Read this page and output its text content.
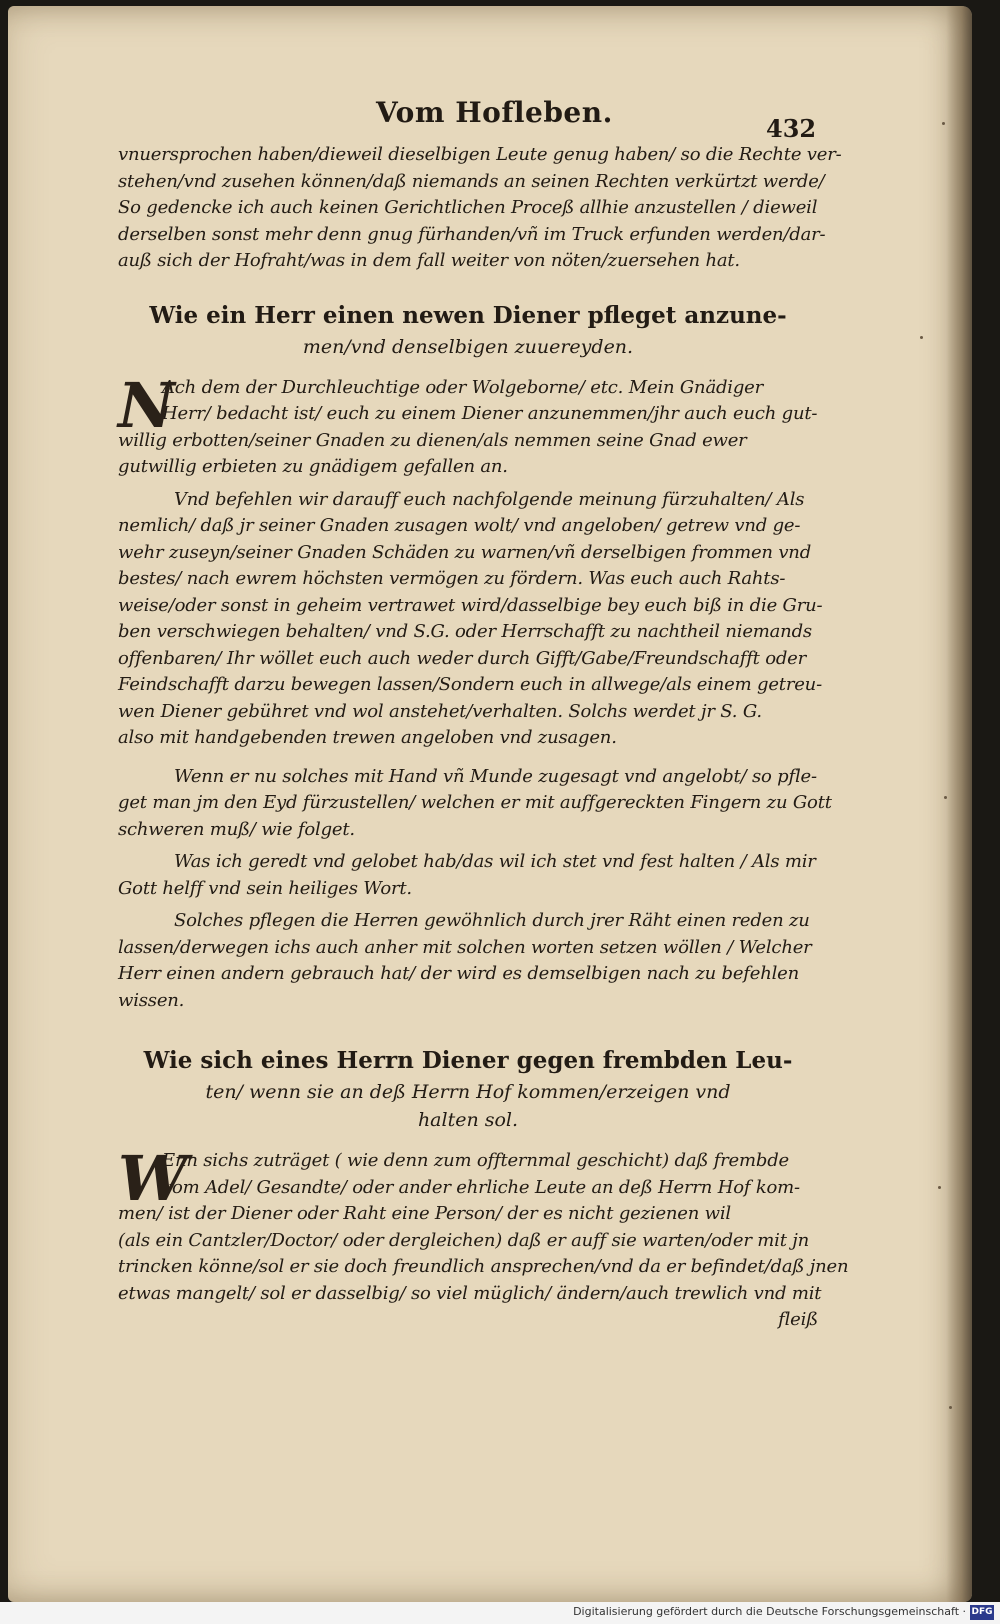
Vom Hofleben.	432
vnuersprochen haben/dieweil dieselbigen Leute genug haben/ so die Rechte ver-
stehen/vnd zusehen können/daß niemands an seinen Rechten verkürtzt werde/
So gedencke ich auch keinen Gerichtlichen Proceß allhie anzustellen / dieweil
derselben sonst mehr denn gnug fürhanden/vñ im Truck erfunden werden/dar-
auß sich der Hofraht/was in dem fall weiter von nöten/zuersehen hat.
Wie ein Herr einen newen Diener pfleget anzune-
men/vnd denselbigen zuuereyden.
N
Ach dem der Durchleuchtige oder Wolgeborne/ etc. Mein Gnädiger
Herr/ bedacht ist/ euch zu einem Diener anzunemmen/jhr auch euch gut-
willig erbotten/seiner Gnaden zu dienen/als nemmen seine Gnad ewer
gutwillig erbieten zu gnädigem gefallen an.
Vnd befehlen wir darauff euch nachfolgende meinung fürzuhalten/ Als
nemlich/ daß jr seiner Gnaden zusagen wolt/ vnd angeloben/ getrew vnd ge-
wehr zuseyn/seiner Gnaden Schäden zu warnen/vñ derselbigen frommen vnd
bestes/ nach ewrem höchsten vermögen zu fördern. Was euch auch Rahts-
weise/oder sonst in geheim vertrawet wird/dasselbige bey euch biß in die Gru-
ben verschwiegen behalten/ vnd S.G. oder Herrschafft zu nachtheil niemands
offenbaren/ Ihr wöllet euch auch weder durch Gifft/Gabe/Freundschafft oder
Feindschafft darzu bewegen lassen/Sondern euch in allwege/als einem getreu-
wen Diener gebühret vnd wol anstehet/verhalten. Solchs werdet jr S. G.
also mit handgebenden trewen angeloben vnd zusagen.
Wenn er nu solches mit Hand vñ Munde zugesagt vnd angelobt/ so pfle-
get man jm den Eyd fürzustellen/ welchen er mit auffgereckten Fingern zu Gott
schweren muß/ wie folget.
Was ich geredt vnd gelobet hab/das wil ich stet vnd fest halten / Als mir
Gott helff vnd sein heiliges Wort.
Solches pflegen die Herren gewöhnlich durch jrer Räht einen reden zu
lassen/derwegen ichs auch anher mit solchen worten setzen wöllen / Welcher
Herr einen andern gebrauch hat/ der wird es demselbigen nach zu befehlen
wissen.
Wie sich eines Herrn Diener gegen frembden Leu-
ten/ wenn sie an deß Herrn Hof kommen/erzeigen vnd
halten sol.
W
Enn sichs zuträget ( wie denn zum offternmal geschicht) daß frembde
vom Adel/ Gesandte/ oder ander ehrliche Leute an deß Herrn Hof kom-
men/ ist der Diener oder Raht eine Person/ der es nicht gezienen wil
(als ein Cantzler/Doctor/ oder dergleichen) daß er auff sie warten/oder mit jn
trincken könne/sol er sie doch freundlich ansprechen/vnd da er befindet/daß jnen
etwas mangelt/ sol er dasselbig/ so viel müglich/ ändern/auch trewlich vnd mit
fleiß
Digitalisierung gefördert durch die Deutsche Forschungsgemeinschaft · DFG
